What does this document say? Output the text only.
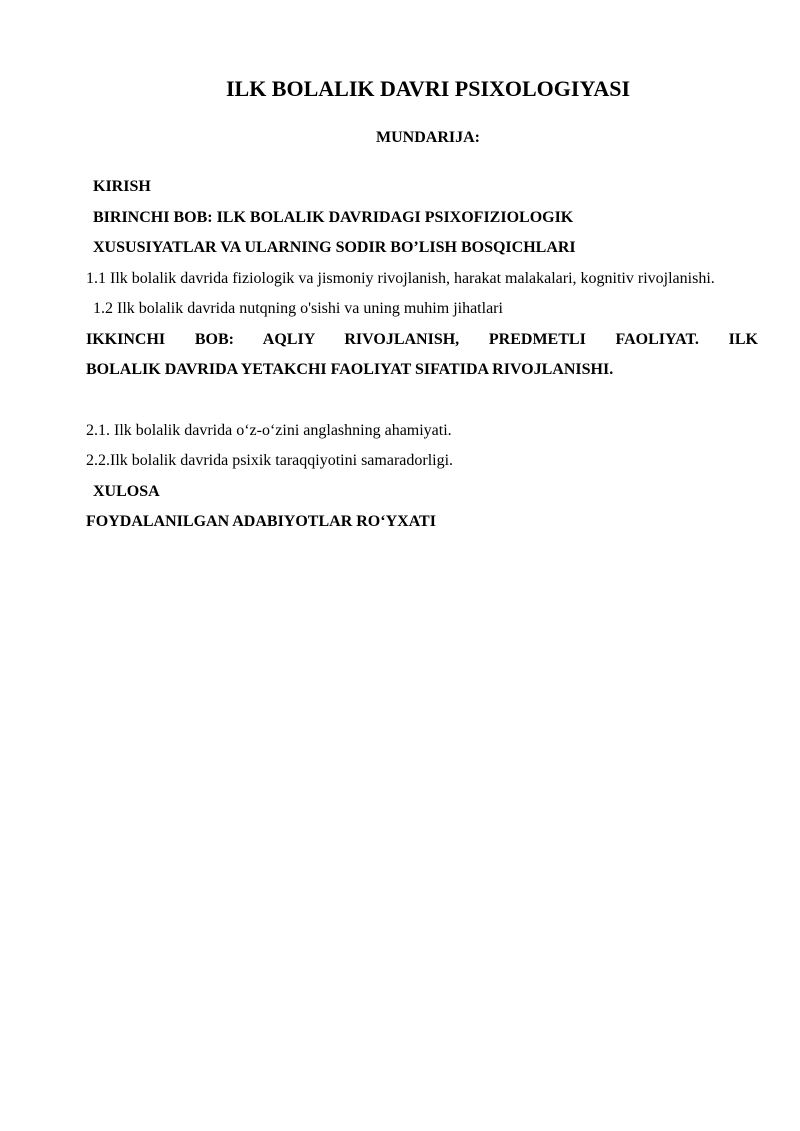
ILK BOLALIK DAVRI PSIXOLOGIYASI
MUNDARIJA:

KIRISH

BIRINCHI BOB: ILK BOLALIK DAVRIDAGI PSIXOFIZIOLOGIK

XUSUSIYATLAR VA ULARNING SODIR BO’LISH BOSQICHLARI

1.1 Ilk bolalik davrida fiziologik va jismoniy rivojlanish, harakat malakalari, kognitiv rivojlanishi.

1.2 Ilk bolalik davrida nutqning o'sishi va uning muhim jihatlari

IKKINCHI BOB: AQLIY RIVOJLANISH, PREDMETLI FAOLIYAT. ILK

BOLALIK DAVRIDA YETAKCHI FAOLIYAT SIFATIDA RIVOJLANISHI.

2.1. Ilk bolalik davrida o‘z-o‘zini anglashning ahamiyati.

2.2.Ilk bolalik davrida psixik taraqqiyotini samaradorligi.

XULOSA

FOYDALANILGAN ADABIYOTLAR RO‘YXATI
